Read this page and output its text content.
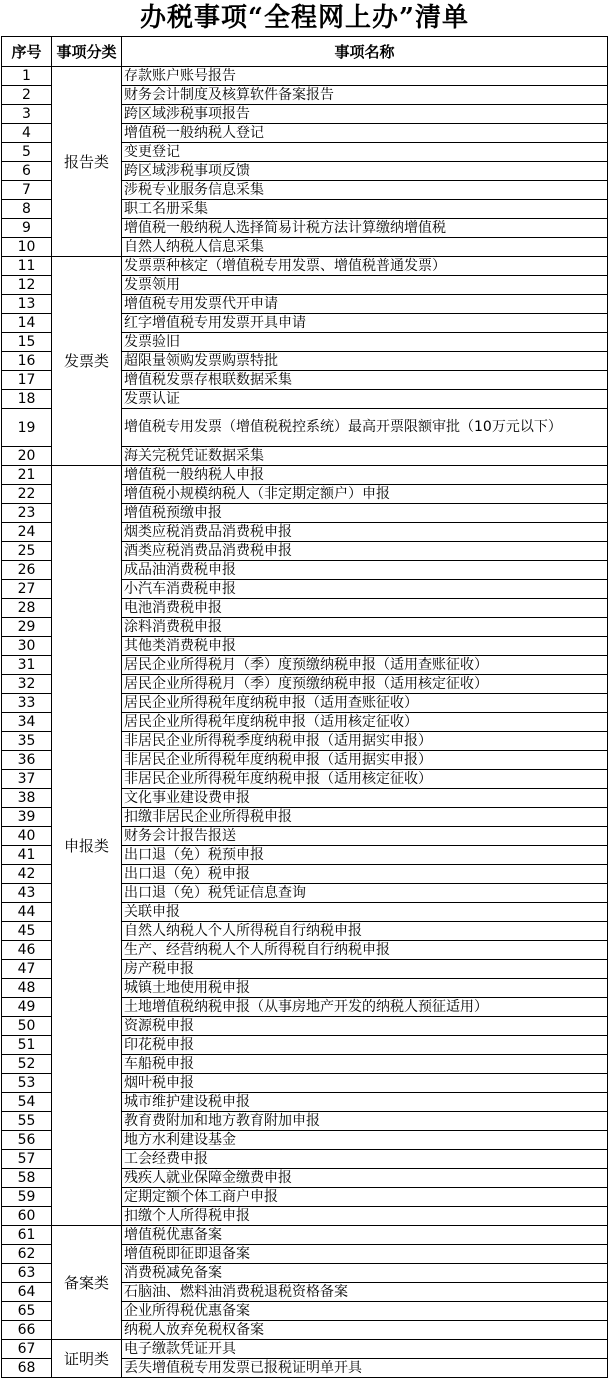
办税事项“全程网上办”清单
序号	事项分类	事项名称
1	报告类	存款账户账号报告
2		财务会计制度及核算软件备案报告
3		跨区域涉税事项报告
4		增值税一般纳税人登记
5		变更登记
6		跨区域涉税事项反馈
7		涉税专业服务信息采集
8		职工名册采集
9		增值税一般纳税人选择简易计税方法计算缴纳增值税
10		自然人纳税人信息采集
11	发票类	发票票种核定（增值税专用发票、增值税普通发票）
12		发票领用
13		增值税专用发票代开申请
14		红字增值税专用发票开具申请
15		发票验旧
16		超限量领购发票购票特批
17		增值税发票存根联数据采集
18		发票认证
19		增值税专用发票（增值税税控系统）最高开票限额审批（10万元以下）
20		海关完税凭证数据采集
21	申报类	增值税一般纳税人申报
22		增值税小规模纳税人（非定期定额户）申报
23		增值税预缴申报
24		烟类应税消费品消费税申报
25		酒类应税消费品消费税申报
26		成品油消费税申报
27		小汽车消费税申报
28		电池消费税申报
29		涂料消费税申报
30		其他类消费税申报
31		居民企业所得税月（季）度预缴纳税申报（适用查账征收）
32		居民企业所得税月（季）度预缴纳税申报（适用核定征收）
33		居民企业所得税年度纳税申报（适用查账征收）
34		居民企业所得税年度纳税申报（适用核定征收）
35		非居民企业所得税季度纳税申报（适用据实申报）
36		非居民企业所得税年度纳税申报（适用据实申报）
37		非居民企业所得税年度纳税申报（适用核定征收）
38		文化事业建设费申报
39		扣缴非居民企业所得税申报
40		财务会计报告报送
41		出口退（免）税预申报
42		出口退（免）税申报
43		出口退（免）税凭证信息查询
44		关联申报
45		自然人纳税人个人所得税自行纳税申报
46		生产、经营纳税人个人所得税自行纳税申报
47		房产税申报
48		城镇土地使用税申报
49		土地增值税纳税申报（从事房地产开发的纳税人预征适用）
50		资源税申报
51		印花税申报
52		车船税申报
53		烟叶税申报
54		城市维护建设税申报
55		教育费附加和地方教育附加申报
56		地方水利建设基金
57		工会经费申报
58		残疾人就业保障金缴费申报
59		定期定额个体工商户申报
60		扣缴个人所得税申报
61	备案类	增值税优惠备案
62		增值税即征即退备案
63		消费税减免备案
64		石脑油、燃料油消费税退税资格备案
65		企业所得税优惠备案
66		纳税人放弃免税权备案
67	证明类	电子缴款凭证开具
68		丢失增值税专用发票已报税证明单开具
